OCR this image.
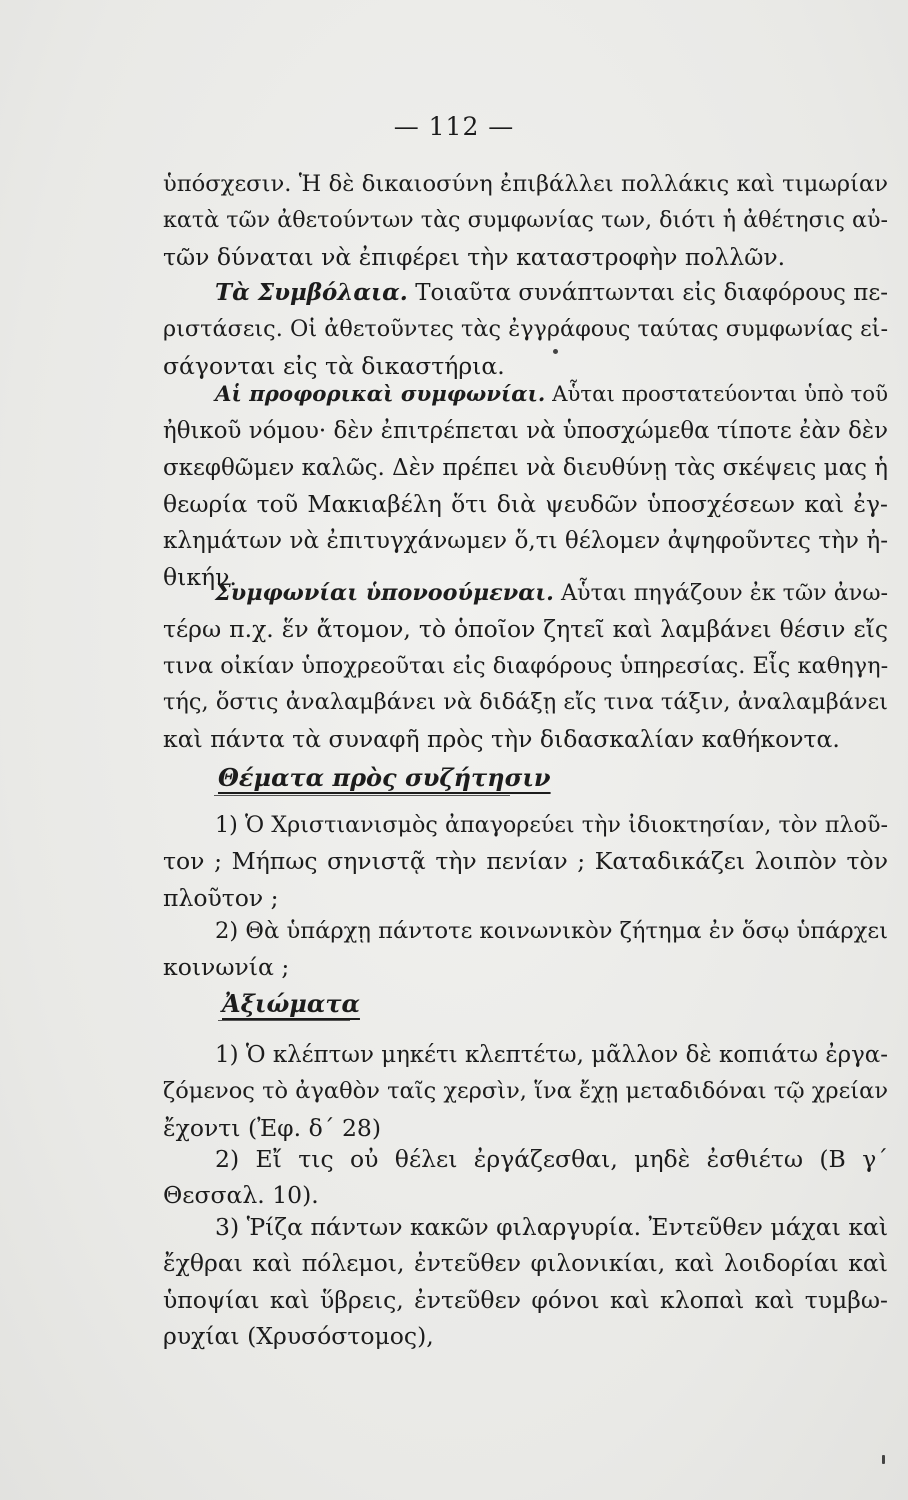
— 112 —
ὑπόσχεσιν. Ἡ δὲ δικαιοσύνη ἐπιβάλλει πολλάκις καὶ τιμωρίαν
κατὰ τῶν ἀθετούντων τὰς συμφωνίας των, διότι ἡ ἀθέτησις αὐ-
τῶν δύναται νὰ ἐπιφέρει τὴν καταστροφὴν πολλῶν.
Τὰ Συμβόλαια. Τοιαῦτα συνάπτωνται εἰς διαφόρους πε-
ριστάσεις. Οἱ ἀθετοῦντες τὰς ἐγγράφους ταύτας συμφωνίας εἰ-
σάγονται εἰς τὰ δικαστήρια.
Αἱ προφορικαὶ συμφωνίαι. Αὗται προστατεύονται ὑπὸ τοῦ
ἠθικοῦ νόμου· δὲν ἐπιτρέπεται νὰ ὑποσχώμεθα τίποτε ἐὰν δὲν
σκεφθῶμεν καλῶς. Δὲν πρέπει νὰ διευθύνῃ τὰς σκέψεις μας ἡ
θεωρία τοῦ Μακιαβέλη ὅτι διὰ ψευδῶν ὑποσχέσεων καὶ ἐγ-
κλημάτων νὰ ἐπιτυγχάνωμεν ὅ,τι θέλομεν ἀψηφοῦντες τὴν ἠ-
θικήν.
Συμφωνίαι ὑπονοούμεναι. Αὗται πηγάζουν ἐκ τῶν ἀνω-
τέρω π.χ. ἕν ἄτομον, τὸ ὁποῖον ζητεῖ καὶ λαμβάνει θέσιν εἴς
τινα οἰκίαν ὑποχρεοῦται εἰς διαφόρους ὑπηρεσίας. Εἷς καθηγη-
τής, ὅστις ἀναλαμβάνει νὰ διδάξῃ εἴς τινα τάξιν, ἀναλαμβάνει
καὶ πάντα τὰ συναφῆ πρὸς τὴν διδασκαλίαν καθήκοντα.
Θέματα πρὸς συζήτησιν
1) Ὁ Χριστιανισμὸς ἀπαγορεύει τὴν ἰδιοκτησίαν, τὸν πλοῦ-
τον ; Μήπως σηνιστᾷ τὴν πενίαν ; Καταδικάζει λοιπὸν τὸν
πλοῦτον ;
2) Θὰ ὑπάρχῃ πάντοτε κοινωνικὸν ζήτημα ἐν ὅσῳ ὑπάρχει
κοινωνία ;
Ἀξιώματα
1) Ὁ κλέπτων μηκέτι κλεπτέτω, μᾶλλον δὲ κοπιάτω ἐργα-
ζόμενος τὸ ἀγαθὸν ταῖς χερσὶν, ἵνα ἔχῃ μεταδιδόναι τῷ χρείαν
ἔχοντι (Ἐφ. δ΄ 28)
2) Εἴ τις οὐ θέλει ἐργάζεσθαι, μηδὲ ἐσθιέτω (Β γ΄
Θεσσαλ. 10).
3) Ῥίζα πάντων κακῶν φιλαργυρία. Ἐντεῦθεν μάχαι καὶ
ἔχθραι καὶ πόλεμοι, ἐντεῦθεν φιλονικίαι, καὶ λοιδορίαι καὶ
ὑποψίαι καὶ ὕβρεις, ἐντεῦθεν φόνοι καὶ κλοπαὶ καὶ τυμβω-
ρυχίαι (Χρυσόστομος),
